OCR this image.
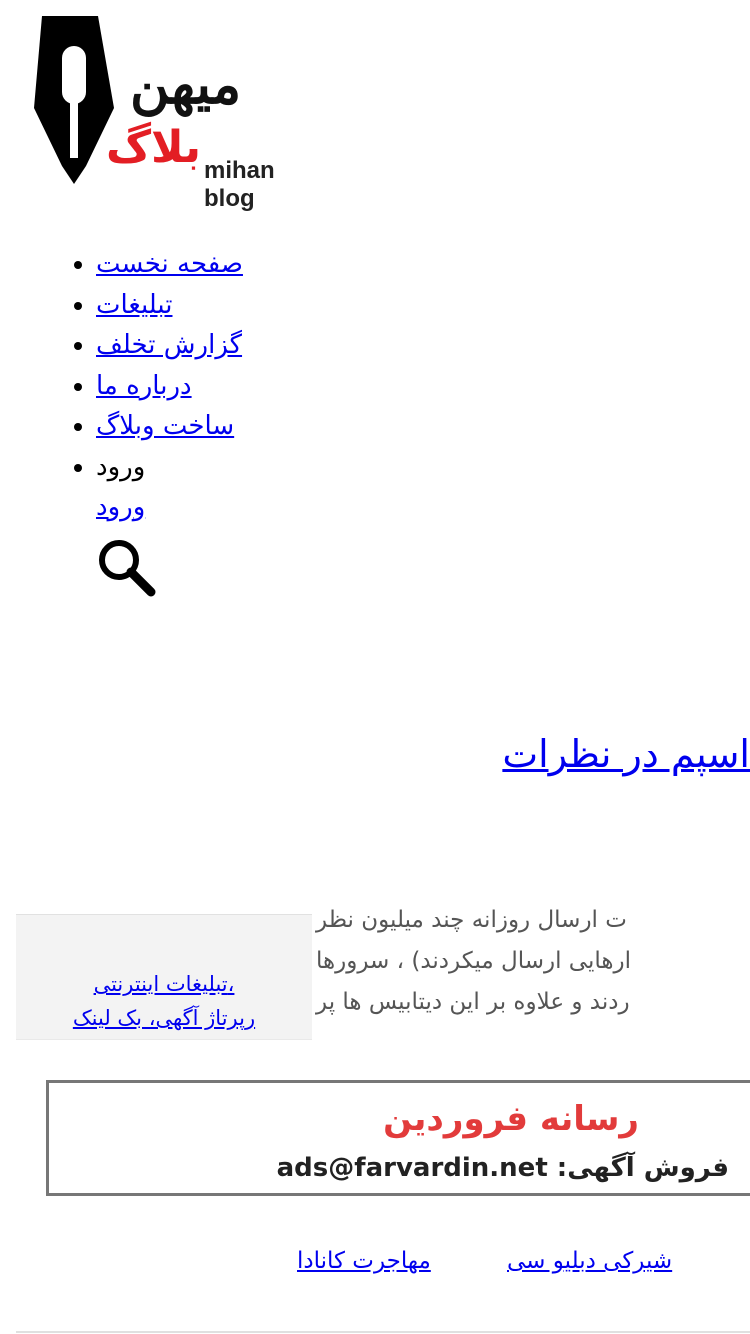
میهن
بلاگ mihan blog
• صفحه نخست
• تبلیغات
• گزارش تخلف
• درباره ما
• ساخت وبلاگ
• ورود
ورود
اسپم در نظرات
ت ارسال روزانه چند میلیون نظر
ارهایی ارسال میکردند) ، سرورها
ردند و علاوه بر این دیتابیس ها پر
تبلیغات اینترنتی،
رپرتاژ آگهی، بک لینک
رسانه فروردین
ads@farvardin.net :فروش آگهی
مهاجرت کانادا	شیرکی دبلیو سی
